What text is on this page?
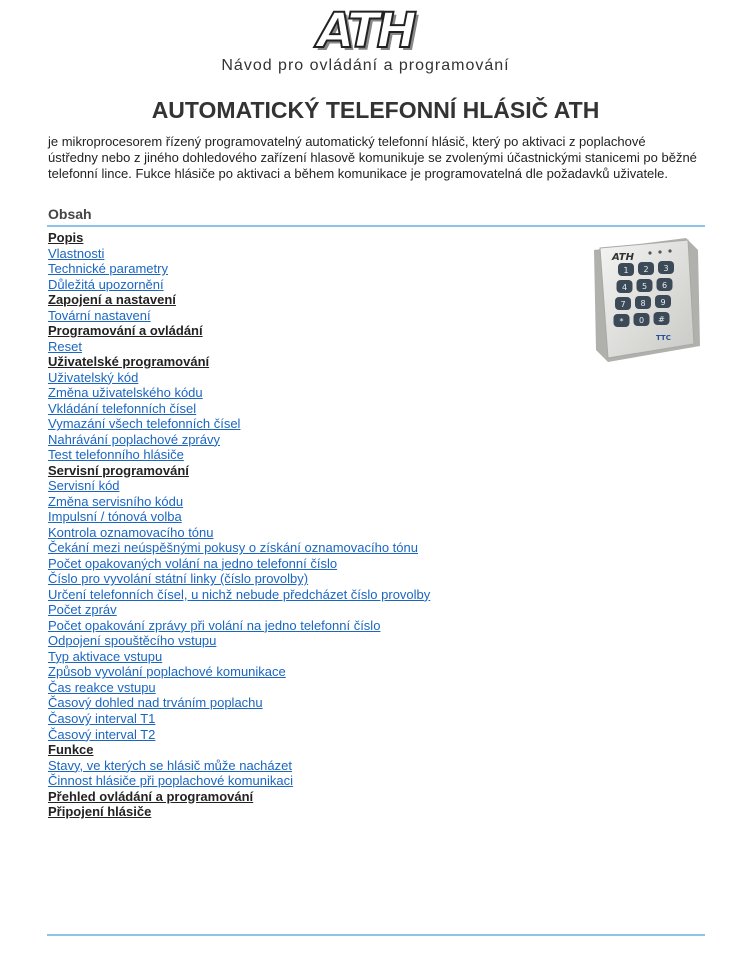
ATH
Návod pro ovládání a programování
AUTOMATICKÝ TELEFONNÍ HLÁSIČ ATH

je mikroprocesorem řízený programovatelný automatický telefonní hlásič, který po aktivaci z poplachové ústředny nebo z jiného dohledového zařízení hlasově komunikuje se zvolenými účastnickými stanicemi po běžné telefonní lince. Fukce hlásiče po aktivaci a během komunikace je programovatelná dle požadavků uživatele.

Obsah
Popis
Vlastnosti
Technické parametry
Důležitá upozornění
Zapojení a nastavení
Tovární nastavení
Programování a ovládání
Reset
Uživatelské programování
Uživatelský kód
Změna uživatelského kódu
Vkládání telefonních čísel
Vymazání všech telefonních čísel
Nahrávání poplachové zprávy
Test telefonního hlásiče
Servisní programování
Servisní kód
Změna servisního kódu
Impulsní / tónová volba
Kontrola oznamovacího tónu
Čekání mezi neúspěšnými pokusy o získání oznamovacího tónu
Počet opakovaných volání na jedno telefonní číslo
Číslo pro vyvolání státní linky (číslo provolby)
Určení telefonních čísel, u nichž nebude předcházet číslo provolby
Počet zpráv
Počet opakování zprávy při volání na jedno telefonní číslo
Odpojení spouštěcího vstupu
Typ aktivace vstupu
Způsob vyvolání poplachové komunikace
Čas reakce vstupu
Časový dohled nad trváním poplachu
Časový interval T1
Časový interval T2
Funkce
Stavy, ve kterých se hlásič může nacházet
Činnost hlásiče při poplachové komunikaci
Přehled ovládání a programování
Připojení hlásiče
ATH
1 2 3
4 5 6
7 8 9
* 0 #
TTC
